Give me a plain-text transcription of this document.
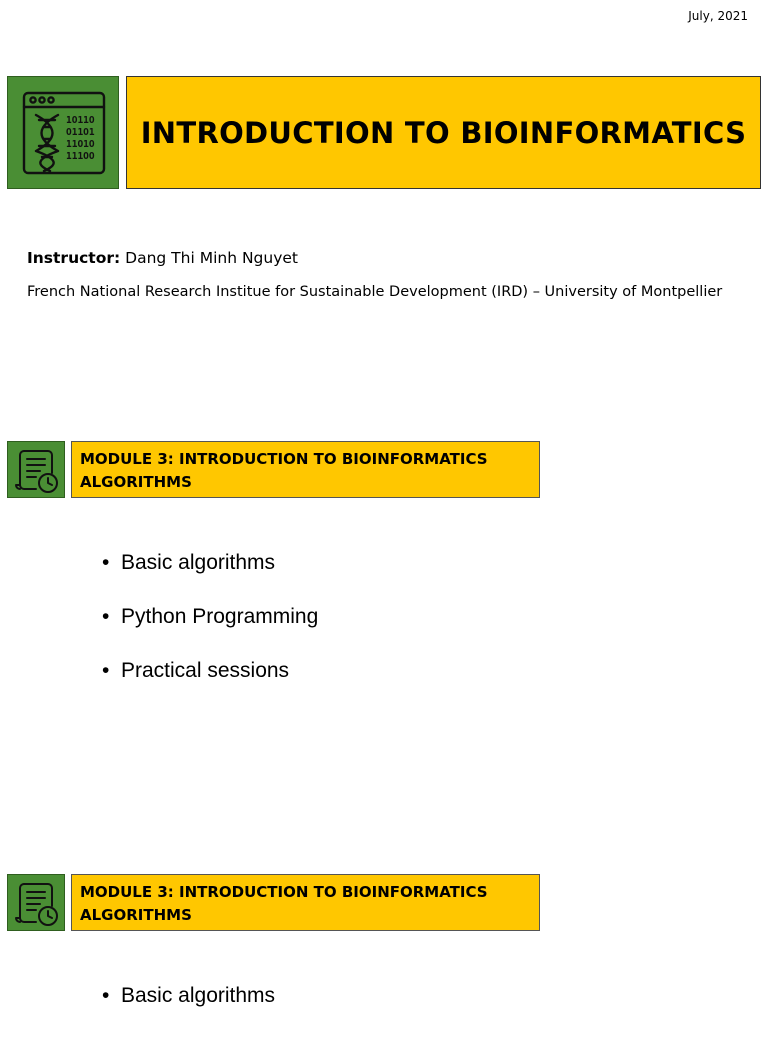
July, 2021
1O11O
O11O1
11O1O
111OO
INTRODUCTION TO BIOINFORMATICS
Instructor: Dang Thi Minh Nguyet
French National Research Institue for Sustainable Development (IRD) – University of Montpellier
MODULE 3: INTRODUCTION TO BIOINFORMATICS
ALGORITHMS
• Basic algorithms
• Python Programming
• Practical sessions
MODULE 3: INTRODUCTION TO BIOINFORMATICS
ALGORITHMS
• Basic algorithms
